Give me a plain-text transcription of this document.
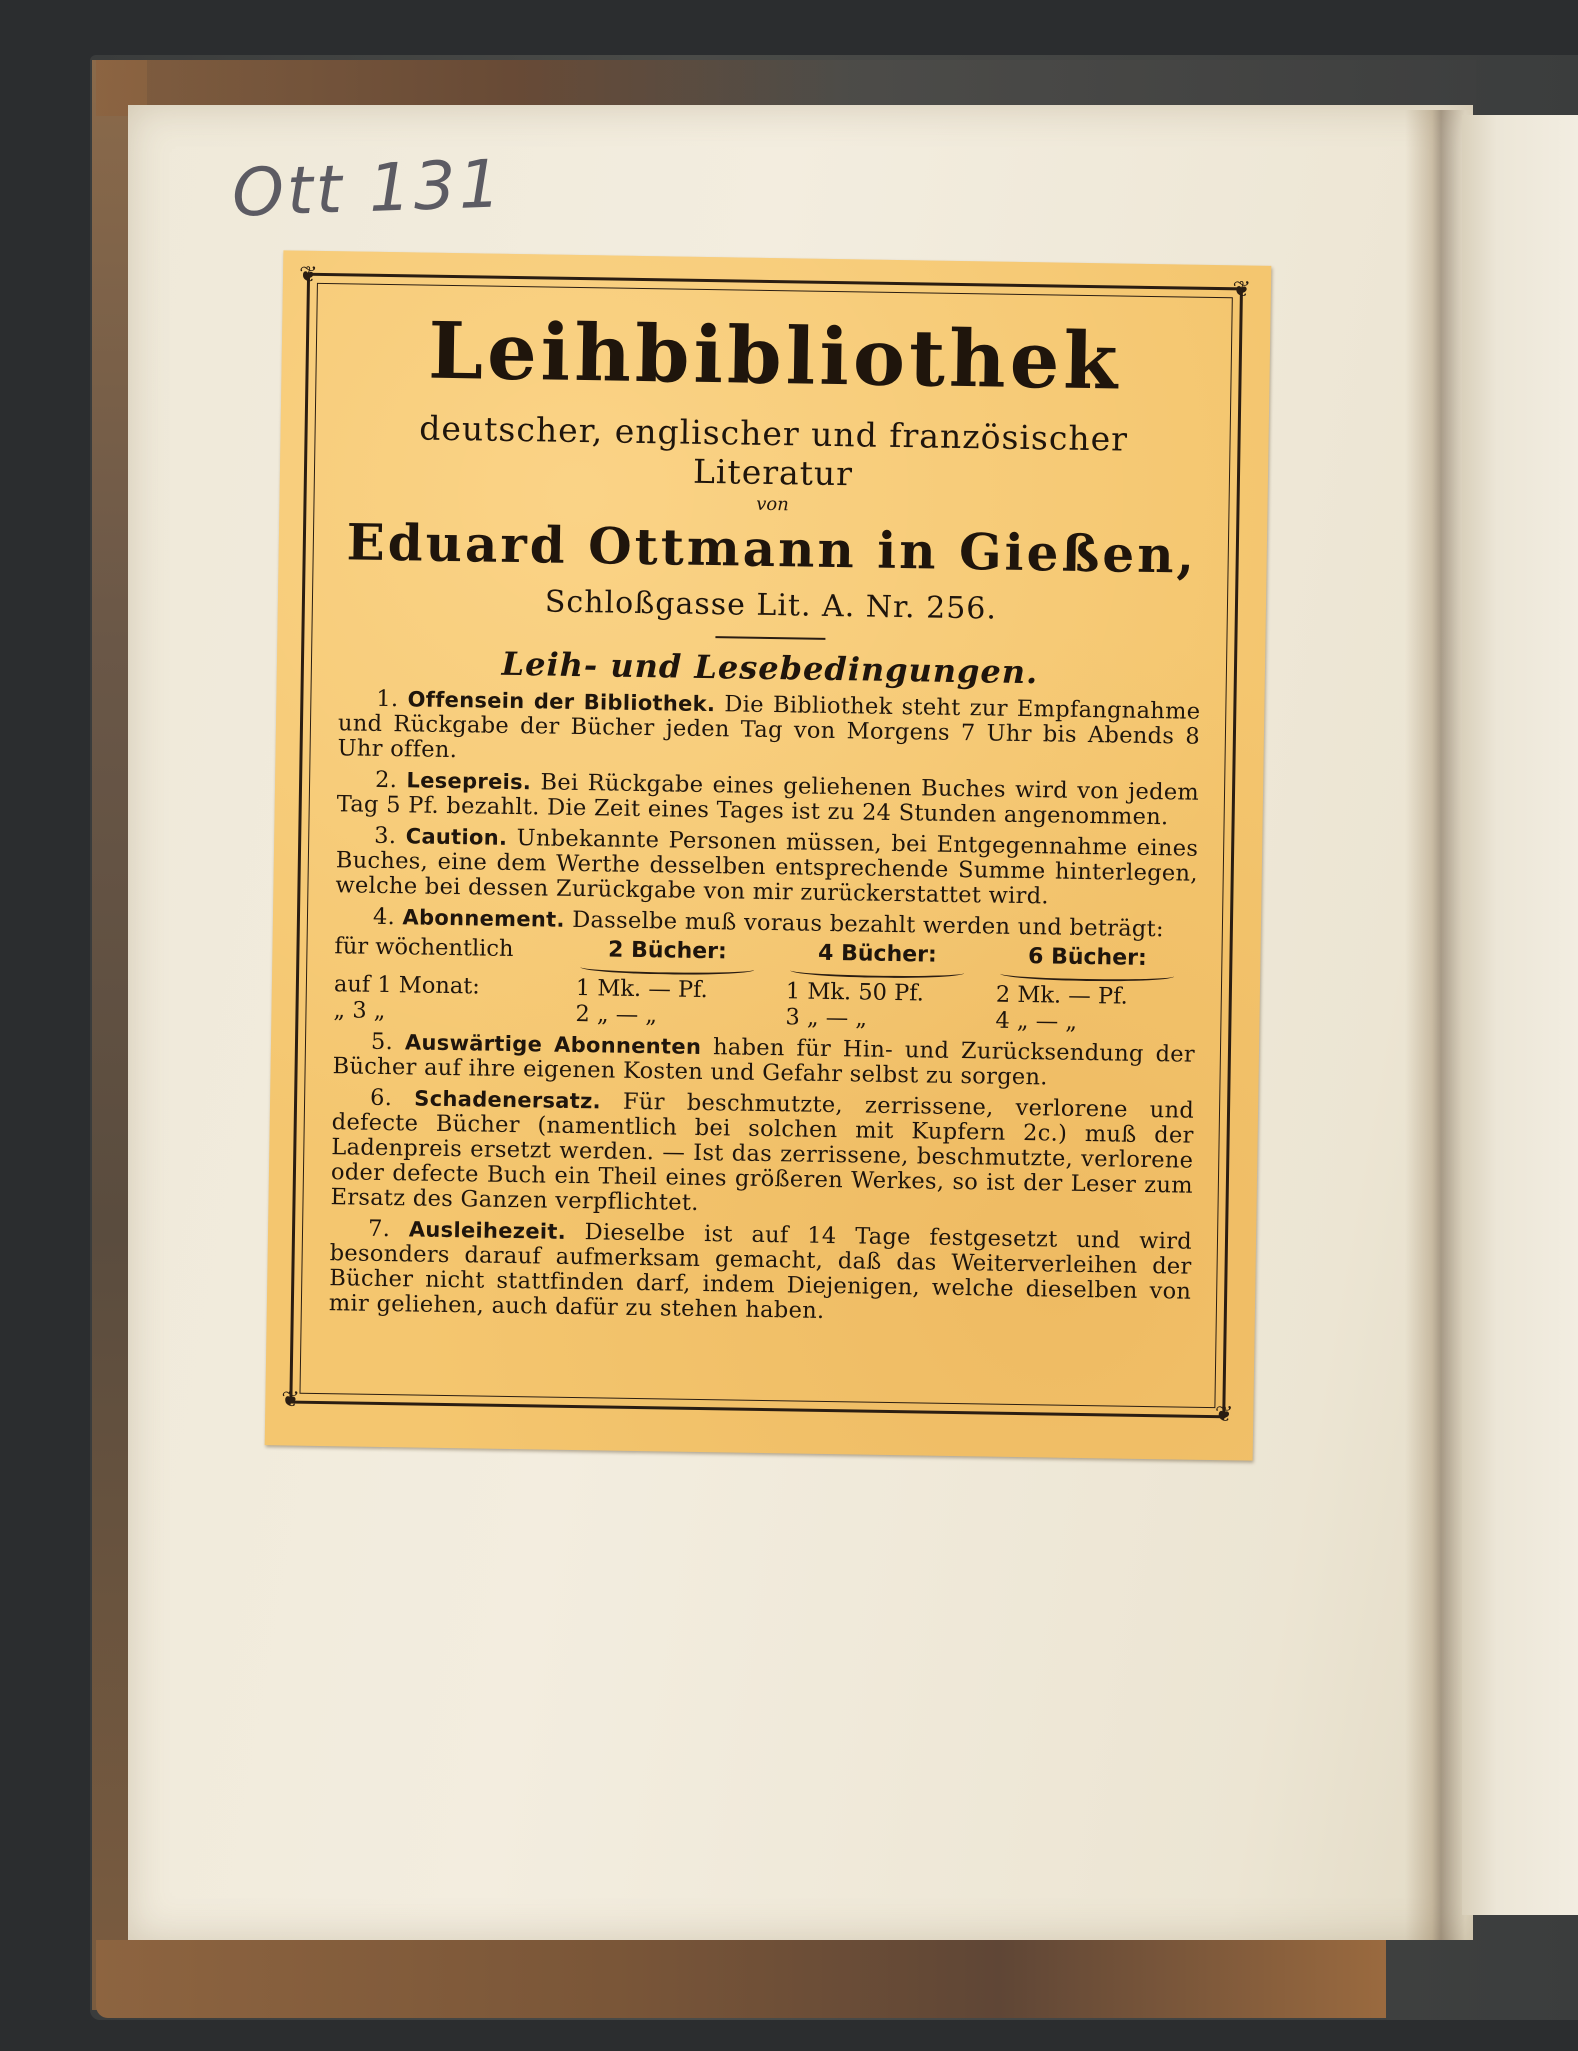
Ott 131
❦
❦
❦
❦
Leihbibliothek
deutscher, englischer und französischer Literatur
von
Eduard Ottmann in Gießen,
Schloßgasse Lit. A. Nr. 256.
Leih- und Lesebedingungen.
1. Offensein der Bibliothek. Die Bibliothek steht zur Empfangnahme und Rückgabe der Bücher jeden Tag von Morgens 7 Uhr bis Abends 8 Uhr offen.
2. Lesepreis. Bei Rückgabe eines geliehenen Buches wird von jedem Tag 5 Pf. bezahlt. Die Zeit eines Tages ist zu 24 Stunden angenommen.
3. Caution. Unbekannte Personen müssen, bei Entgegennahme eines Buches, eine dem Werthe desselben entsprechende Summe hinterlegen, welche bei dessen Zurückgabe von mir zurückerstattet wird.
4. Abonnement. Dasselbe muß voraus bezahlt werden und beträgt:
für wöchentlich	2 Bücher:	4 Bücher:	6 Bücher:
auf 1 Monat:	1 Mk. — Pf.	1 Mk. 50 Pf.	2 Mk. — Pf.
„ 3 „	2 „ — „	3 „ — „	4 „ — „
5. Auswärtige Abonnenten haben für Hin- und Zurücksendung der Bücher auf ihre eigenen Kosten und Gefahr selbst zu sorgen.
6. Schadenersatz. Für beschmutzte, zerrissene, verlorene und defecte Bücher (namentlich bei solchen mit Kupfern 2c.) muß der Ladenpreis ersetzt werden. — Ist das zerrissene, beschmutzte, verlorene oder defecte Buch ein Theil eines größeren Werkes, so ist der Leser zum Ersatz des Ganzen verpflichtet.
7. Ausleihezeit. Dieselbe ist auf 14 Tage festgesetzt und wird besonders darauf aufmerksam gemacht, daß das Weiterverleihen der Bücher nicht stattfinden darf, indem Diejenigen, welche dieselben von mir geliehen, auch dafür zu stehen haben.
